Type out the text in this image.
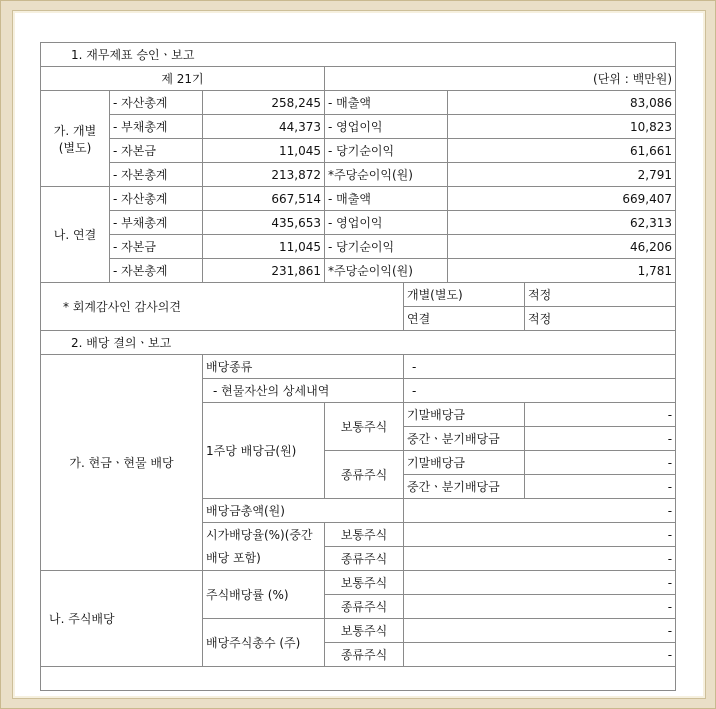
1. 재무제표 승인ㆍ보고						
제 21기			(단위 : 백만원)			

가. 개별
(별도)	- 자산총계	258,245	- 매출액		83,086	
	- 부채총계	44,373	- 영업이익		10,823	
	- 자본금	11,045	- 당기순이익		61,661	
	- 자본총계	213,872	*주당순이익(원)		2,791	
나. 연결	- 자산총계	667,514	- 매출액		669,407	
	- 부채총계	435,653	- 영업이익		62,313	
	- 자본금	11,045	- 당기순이익		46,206	
	- 자본총계	231,861	*주당순이익(원)		1,781	
* 회계감사인 감사의견				개별(별도)		적정
				연결		적정
2. 배당 결의ㆍ보고						
가. 현금ㆍ현물 배당		배당종류		-		
		- 현물자산의 상세내역		-		
		1주당 배당금(원)	보통주식	기말배당금		-
				중간ㆍ분기배당금		-
			종류주식	기말배당금		-
				중간ㆍ분기배당금		-
		배당금총액(원)		-		
		시가배당율(%)(중간배당 포함)	보통주식	-		
			종류주식	-		
나. 주식배당		주식배당률 (%)	보통주식	-		
			종류주식	-		
		배당주식총수 (주)	보통주식	-		
			종류주식	-		
